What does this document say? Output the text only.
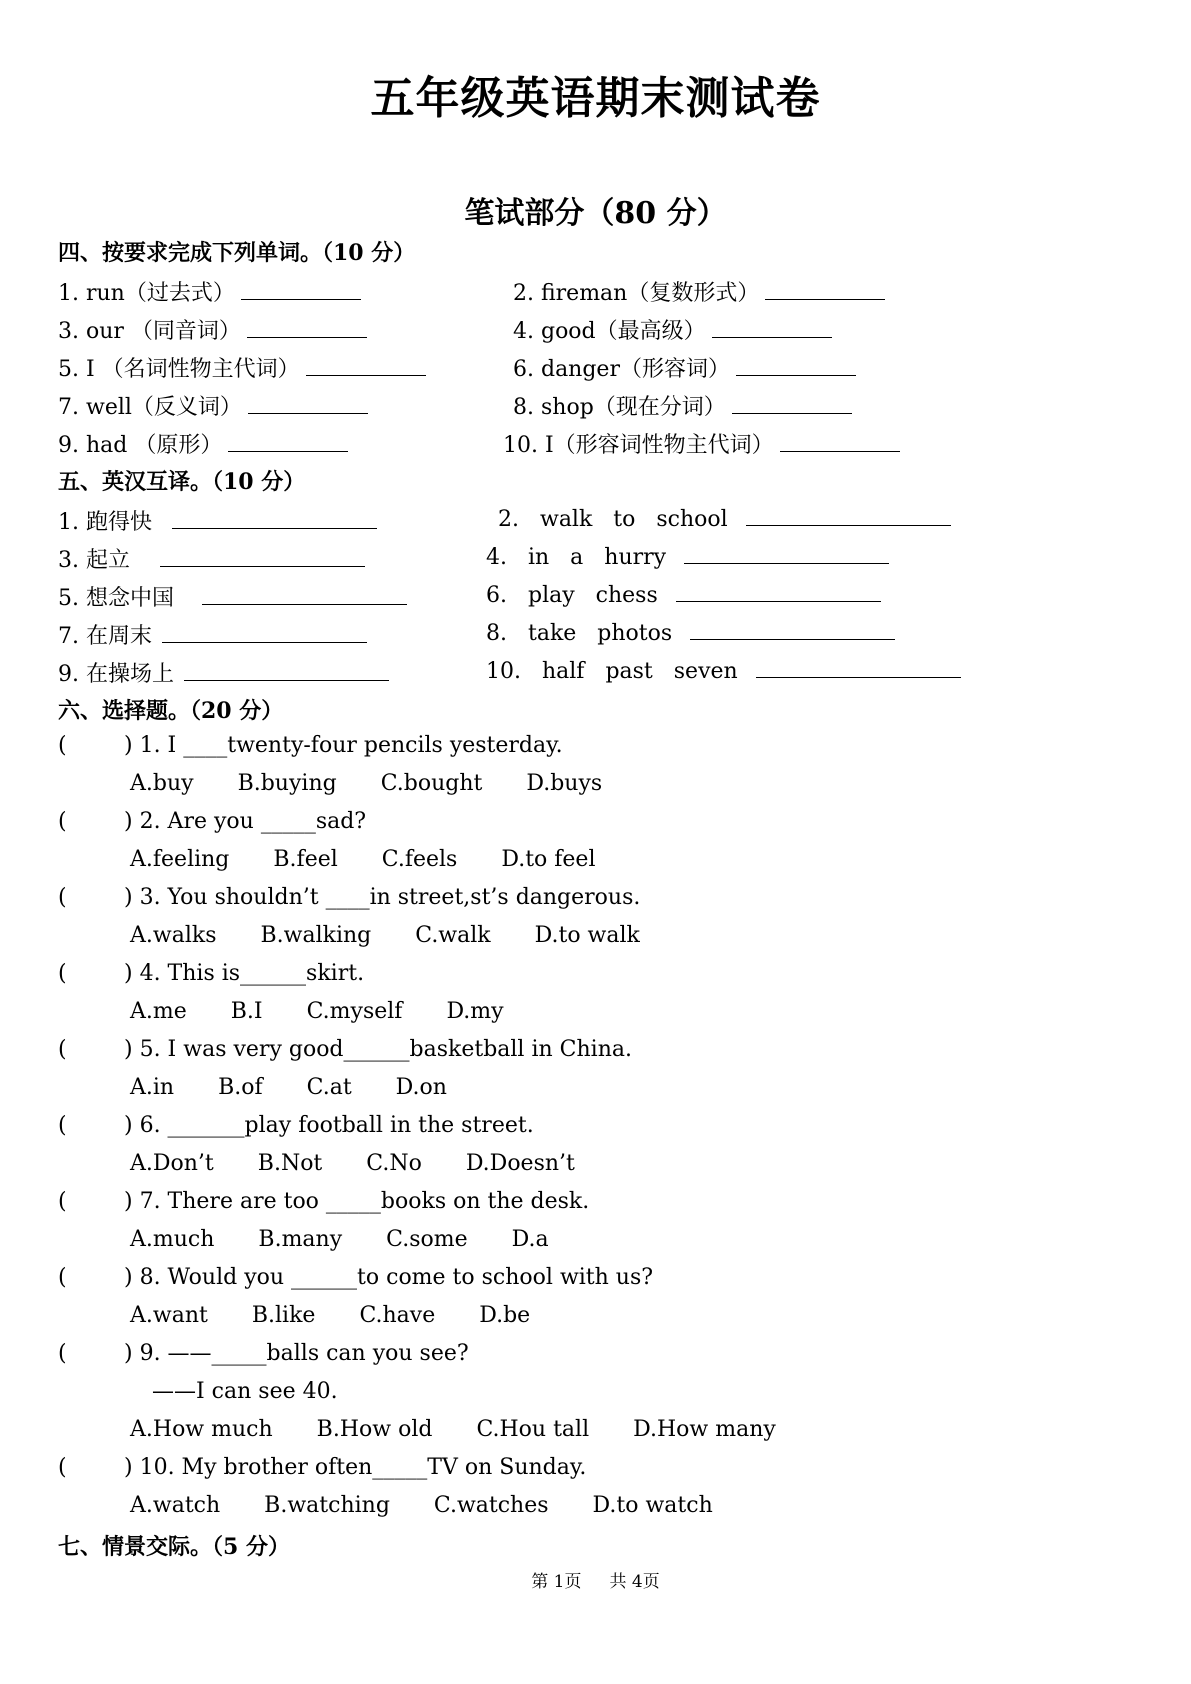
五年级英语期末测试卷
笔试部分（80 分）
四、按要求完成下列单词。（10 分）
1. run（过去式）	2. fireman（复数形式）
3. our （同音词）	4. good（最高级）
5. I （名词性物主代词）	6. danger（形容词）
7. well（反义词）	8. shop（现在分词）
9. had （原形）	10. I（形容词性物主代词）
五、英汉互译。（10 分）
1. 跑得快	2. walk to school
3. 起立	4. in a hurry
5. 想念中国	6. play chess
7. 在周末	8. take photos
9. 在操场上	10. half past seven
六、选择题。（20 分）
(	) 1. I ____twenty-four pencils yesterday.
A.buy B.buying C.bought D.buys
(	) 2. Are you _____sad?
A.feeling B.feel C.feels D.to feel
(	) 3. You shouldn’t ____in street,st’s dangerous.
A.walks B.walking C.walk D.to walk
(	) 4. This is______skirt.
A.me B.I C.myself D.my
(	) 5. I was very good______basketball in China.
A.in B.of C.at D.on
(	) 6. _______play football in the street.
A.Don’t B.Not C.No D.Doesn’t
(	) 7. There are too _____books on the desk.
A.much B.many C.some D.a
(	) 8. Would you ______to come to school with us?
A.want B.like C.have D.be
(	) 9. ——_____balls can you see?
——I can see 40.
A.How much B.How old C.Hou tall D.How many
(	) 10. My brother often_____TV on Sunday.
A.watch B.watching C.watches D.to watch
七、情景交际。（5 分）
第 1页 共 4页
